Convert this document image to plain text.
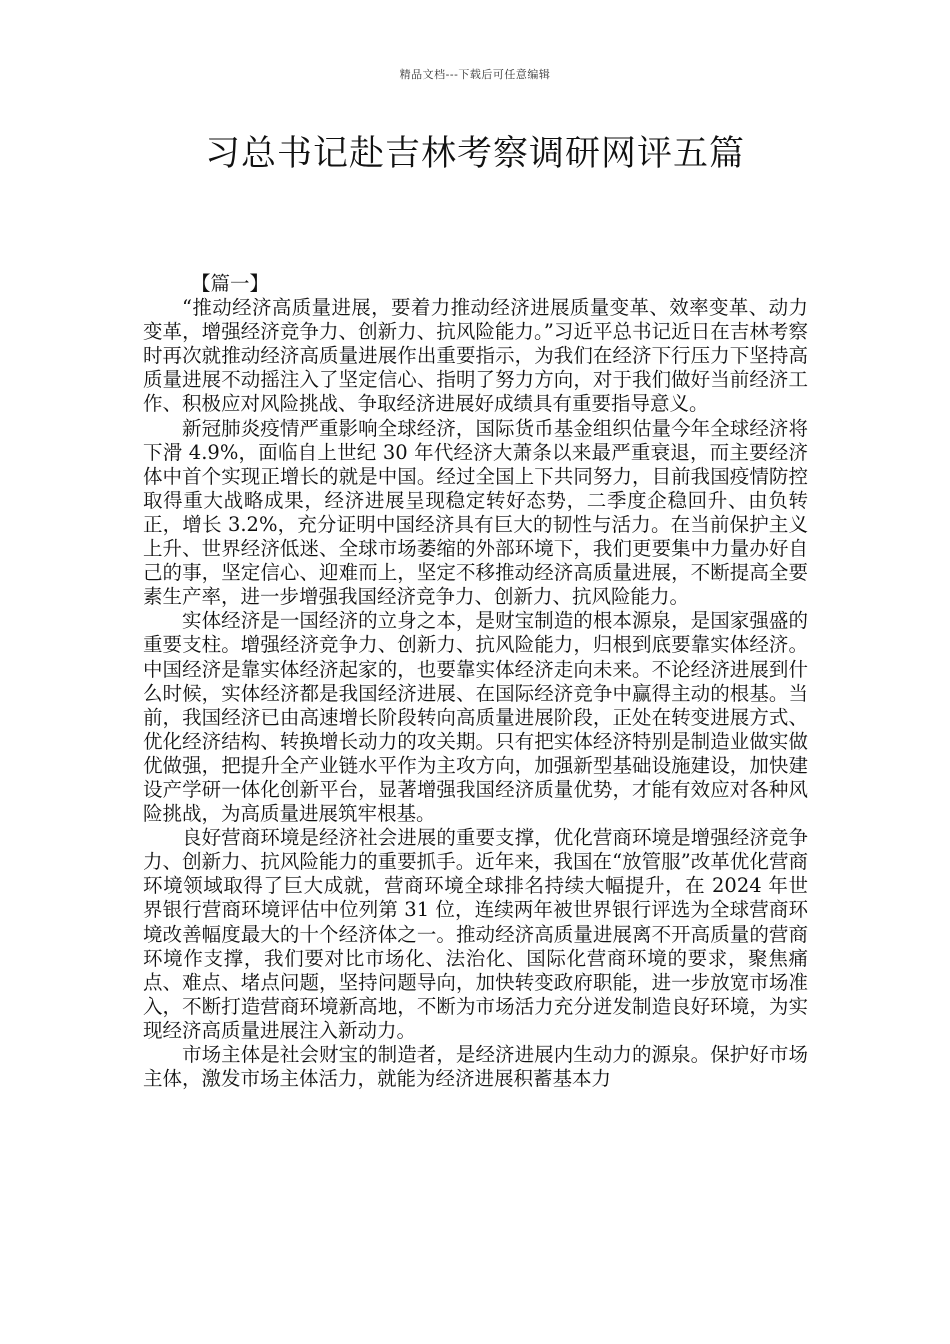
精品文档---下载后可任意编辑
习总书记赴吉林考察调研网评五篇

【篇一】

“推动经济高质量进展，要着力推动经济进展质量变革、效率变革、动力变革，增强经济竞争力、创新力、抗风险能力。”习近平总书记近日在吉林考察时再次就推动经济高质量进展作出重要指示，为我们在经济下行压力下坚持高质量进展不动摇注入了坚定信心、指明了努力方向，对于我们做好当前经济工作、积极应对风险挑战、争取经济进展好成绩具有重要指导意义。

新冠肺炎疫情严重影响全球经济，国际货币基金组织估量今年全球经济将下滑 4.9%，面临自上世纪 30 年代经济大萧条以来最严重衰退，而主要经济体中首个实现正增长的就是中国。经过全国上下共同努力，目前我国疫情防控取得重大战略成果，经济进展呈现稳定转好态势，二季度企稳回升、由负转正，增长 3.2%，充分证明中国经济具有巨大的韧性与活力。在当前保护主义上升、世界经济低迷、全球市场萎缩的外部环境下，我们更要集中力量办好自己的事，坚定信心、迎难而上，坚定不移推动经济高质量进展，不断提高全要素生产率，进一步增强我国经济竞争力、创新力、抗风险能力。

实体经济是一国经济的立身之本，是财宝制造的根本源泉，是国家强盛的重要支柱。增强经济竞争力、创新力、抗风险能力，归根到底要靠实体经济。中国经济是靠实体经济起家的，也要靠实体经济走向未来。不论经济进展到什么时候，实体经济都是我国经济进展、在国际经济竞争中赢得主动的根基。当前，我国经济已由高速增长阶段转向高质量进展阶段，正处在转变进展方式、优化经济结构、转换增长动力的攻关期。只有把实体经济特别是制造业做实做优做强，把提升全产业链水平作为主攻方向，加强新型基础设施建设，加快建设产学研一体化创新平台，显著增强我国经济质量优势，才能有效应对各种风险挑战，为高质量进展筑牢根基。

良好营商环境是经济社会进展的重要支撑，优化营商环境是增强经济竞争力、创新力、抗风险能力的重要抓手。近年来，我国在“放管服”改革优化营商环境领域取得了巨大成就，营商环境全球排名持续大幅提升，在 2024 年世界银行营商环境评估中位列第 31 位，连续两年被世界银行评选为全球营商环境改善幅度最大的十个经济体之一。推动经济高质量进展离不开高质量的营商环境作支撑，我们要对比市场化、法治化、国际化营商环境的要求，聚焦痛点、难点、堵点问题，坚持问题导向，加快转变政府职能，进一步放宽市场准入，不断打造营商环境新高地，不断为市场活力充分迸发制造良好环境，为实现经济高质量进展注入新动力。

市场主体是社会财宝的制造者，是经济进展内生动力的源泉。保护好市场主体，激发市场主体活力，就能为经济进展积蓄基本力
